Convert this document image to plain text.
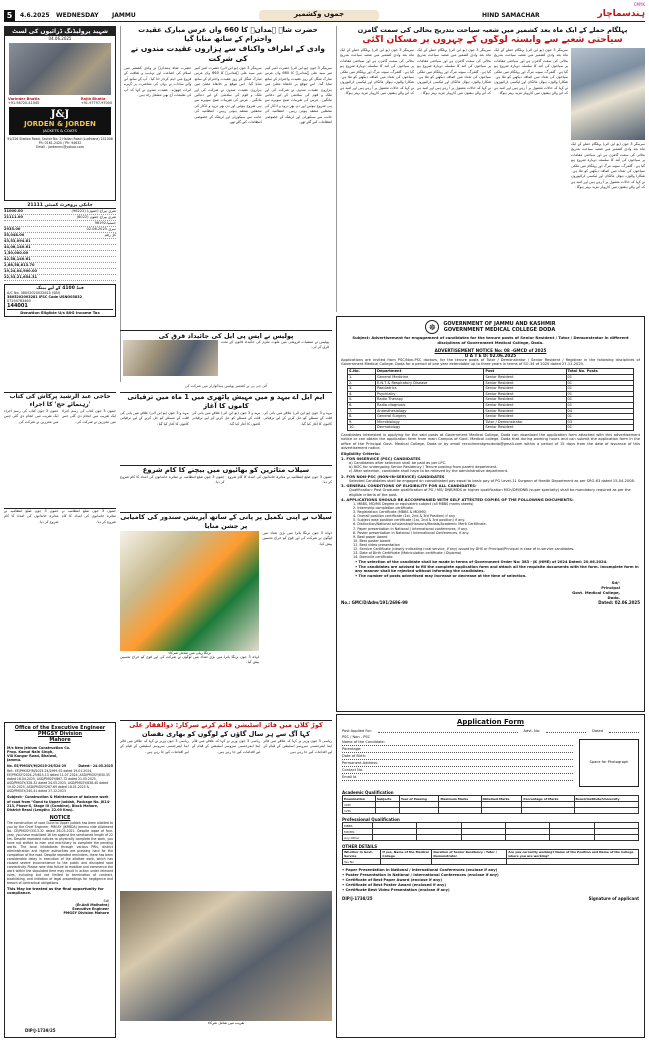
CMYK
5	4.6.2025 WEDNESDAY JAMMU	جموں وکشمیر	HIND SAMACHAR	ہندسماچار
شہید پرولیڈنگ ڈرائیوں کی لسٹ
04.06.2025
Varinder Bhatia
+91-98720-41045
Rajib Bhatia
+91-97797-97000
J&J
JORDEN & JORDEN
JACKETS & COATS
91/226 Station Road, Sector No. 2 Hallan Road (Ludhiana) 141008 Ph: 0161-2420 / Ph: 94632
Email : jordenmc@yahoo.com
جانکی پروفرٹ کمیٹی 21111
31000.00	شری بیراج (جموں) (96222)
21111.00	شری بیراج جموں (8022)
جسنیا-96192
2935.00	سری 02.06.2025
55,048.00	کل رقم
43,53,094.61
44,08,140.61
1,50,000.00
42,58,140.61
2,68,58,613.70
19,24,04,900.00
22,33,21,654.31
فنڈ 4100 کے لیے بینک
A/C No. 38052020032815 (SBI)
3805202003281 IFSC Code USNO03832
07254783460
144001
Donation Eligible U/s 80G Income Tax
حضرت شاہ ہمدانؒ کا 660 واں عرس مبارک عقیدت واحترام کے ساتھ منایا گیا
وادی کے اطراف واکناف سے ہزاروں عقیدت مندوں نے کی شرکت
حضرت شاہ ہمدانؒ نے وادی کشمیر میں اسلام کی اشاعت اور تہذیب و ثقافت کے فروغ میں اہم کردار ادا کیا۔ آپ کے ساتھ آنے والے سادات نے یہاں کی معاشرت پر گہرے اثرات چھوڑے۔ عقیدت مندوں نے کہا کہ آپ کی تعلیمات آج بھی مشعل راہ ہیں۔
سرینگر 3 جون (یو این آئی) حضرت امیر کبیر میر سید علی ہمدانیؒ کا 660 واں عرس مبارک منگل کے روز عقیدت واحترام کے ساتھ منایا گیا۔ اس موقع پر خانقاہ معلیٰ میں ہزاروں عقیدت مندوں نے شرکت کی اور ملک و قوم کی سلامتی کے لیے دعائیں مانگیں۔ عرس کی تقریبات صبح سویرے سے ہی شروع ہوئیں اور دن بھر درود و اذکار کی محفلیں منعقد ہوتی رہیں۔ انتظامیہ کی جانب سے سیکورٹی اور ٹریفک کے خصوصی انتظامات کیے گئے تھے۔
سرینگر 3 جون (یو این آئی) حضرت امیر کبیر میر سید علی ہمدانیؒ کا 660 واں عرس مبارک منگل کے روز عقیدت واحترام کے ساتھ منایا گیا۔ اس موقع پر خانقاہ معلیٰ میں ہزاروں عقیدت مندوں نے شرکت کی اور ملک و قوم کی سلامتی کے لیے دعائیں مانگیں۔ عرس کی تقریبات صبح سویرے سے ہی شروع ہوئیں اور دن بھر درود و اذکار کی محفلیں منعقد ہوتی رہیں۔ انتظامیہ کی جانب سے سیکورٹی اور ٹریفک کے خصوصی انتظامات کیے گئے تھے۔
پہلگام حملے کے ایک ماہ بعد کشمیر میں شعبہ سیاحت بتدریج بحالی کی سمت گامزن
سیاحتی شعبے سے وابستہ لوگوں کے چہروں پر مسکان آگئی
سرینگر 3 جون (یو این آئی) پہلگام حملے کے ایک ماہ بعد وادی کشمیر میں شعبہ سیاحت بتدریج بحالی کی سمت گامزن ہے اور سیاحتی مقامات پر سیاحوں کی آمد کا سلسلہ دوبارہ شروع ہو گیا ہے۔ گلمرگ، سونہ مرگ اور پہلگام میں ملکی سیاحوں کی تعداد میں اضافہ دیکھنے کو ملا ہے۔ شکارا والوں، ہوٹل مالکان اور ٹیکسی ڈرائیوروں نے کہا کہ حالات معمول پر آ رہے ہیں اور امید ہے کہ آنے والے ہفتوں میں کاروبار مزید بہتر ہوگا۔
سرینگر 3 جون (یو این آئی) پہلگام حملے کے ایک ماہ بعد وادی کشمیر میں شعبہ سیاحت بتدریج بحالی کی سمت گامزن ہے اور سیاحتی مقامات پر سیاحوں کی آمد کا سلسلہ دوبارہ شروع ہو گیا ہے۔ گلمرگ، سونہ مرگ اور پہلگام میں ملکی سیاحوں کی تعداد میں اضافہ دیکھنے کو ملا ہے۔ شکارا والوں، ہوٹل مالکان اور ٹیکسی ڈرائیوروں نے کہا کہ حالات معمول پر آ رہے ہیں اور امید ہے کہ آنے والے ہفتوں میں کاروبار مزید بہتر ہوگا۔
سرینگر 3 جون (یو این آئی) پہلگام حملے کے ایک ماہ بعد وادی کشمیر میں شعبہ سیاحت بتدریج بحالی کی سمت گامزن ہے اور سیاحتی مقامات پر سیاحوں کی آمد کا سلسلہ دوبارہ شروع ہو گیا ہے۔ گلمرگ، سونہ مرگ اور پہلگام میں ملکی سیاحوں کی تعداد میں اضافہ دیکھنے کو ملا ہے۔ شکارا والوں، ہوٹل مالکان اور ٹیکسی ڈرائیوروں نے کہا کہ حالات معمول پر آ رہے ہیں اور امید ہے کہ آنے والے ہفتوں میں کاروبار مزید بہتر ہوگا۔
سرینگر 3 جون (یو این آئی) پہلگام حملے کے ایک ماہ بعد وادی کشمیر میں شعبہ سیاحت بتدریج بحالی کی سمت گامزن ہے اور سیاحتی مقامات پر سیاحوں کی آمد کا سلسلہ دوبارہ شروع ہو گیا ہے۔ گلمرگ، سونہ مرگ اور پہلگام میں ملکی سیاحوں کی تعداد میں اضافہ دیکھنے کو ملا ہے۔ شکارا والوں، ہوٹل مالکان اور ٹیکسی ڈرائیوروں نے کہا کہ حالات معمول پر آ رہے ہیں اور امید ہے کہ آنے والے ہفتوں میں کاروبار مزید بہتر ہوگا۔
پولیس نے ایس پی ایل کی جائیداد قرق کی
پولیس نے منشیات فروشی میں ملوث ملزم کی جائیداد قانون کے تحت قرق کر لی۔
آئی جی پی نے کشمیر پولیس ہیڈکوارٹر میں شرکت کی
ایم ایل اے بیہد و میں مہیش پاٹھری میں 1 ماہ میں ترقیاتی کاموں کا آغاز
بیہد و 3 جون (یو این آئی) علاقے میں پانی کی قلت کے مسئلے کو حل کرنے کے لیے ترقیاتی کاموں کا آغاز کیا گیا۔
بیہد و 3 جون (یو این آئی) علاقے میں پانی کی قلت کے مسئلے کو حل کرنے کے لیے ترقیاتی کاموں کا آغاز کیا گیا۔
بیہد و 3 جون (یو این آئی) علاقے میں پانی کی قلت کے مسئلے کو حل کرنے کے لیے ترقیاتی کاموں کا آغاز کیا گیا۔
حاجی عبد الرشید پرکاش کی کتاب 'رہنمائے حج' کا اجراء
جموں 3 جون کتاب کی رسم اجراء ایک تقریب میں انجام دی گئی جس میں معززین نے شرکت کی۔
جموں 3 جون کتاب کی رسم اجراء ایک تقریب میں انجام دی گئی جس میں معززین نے شرکت کی۔
سیلاب متاثرین کو بھائیوں میں بیچنے کا کام شروع
جموں 3 جون ضلع انتظامیہ نے متاثرہ خاندانوں کی امداد کا کام شروع کر دیا۔
جموں 3 جون ضلع انتظامیہ نے متاثرہ خاندانوں کی امداد کا کام شروع کر دیا۔
سیلاب نے اپنی تکمیل پر پانی کے ساتھ آپریشن سندور کی کامیابی پر جشن منایا
ترنگا ریلی میں شامل شرکاء
ڈوڈہ 3 جون ترنگا یاترا میں بڑی تعداد میں لوگوں نے شرکت کی اور فوج کو خراج تحسین پیش کیا۔
ڈوڈہ 3 جون ترنگا یاترا میں بڑی تعداد میں لوگوں نے شرکت کی اور فوج کو خراج تحسین پیش کیا۔
جموں 3 جون ضلع انتظامیہ نے متاثرہ خاندانوں کی امداد کا کام شروع کر دیا۔
جموں 3 جون ضلع انتظامیہ نے متاثرہ خاندانوں کی امداد کا کام شروع کر دیا۔
کوڑ کلاں میں فائر اسٹیشن قائم کرنے سرکار: ذوالفقار علی
کہا آگ سے ہر سال گاؤں کے لوگوں کو بھاری نقصان
ریاسی 3 جون وزیر نے کہا کہ علاقے میں فائر اینڈ ایمرجنسی سروسز اسٹیشن کے قیام کے لیے اقدامات کیے جا رہے ہیں۔
ریاسی 3 جون وزیر نے کہا کہ علاقے میں فائر اینڈ ایمرجنسی سروسز اسٹیشن کے قیام کے لیے اقدامات کیے جا رہے ہیں۔
ریاسی 3 جون وزیر نے کہا کہ علاقے میں فائر اینڈ ایمرجنسی سروسز اسٹیشن کے قیام کے لیے اقدامات کیے جا رہے ہیں۔
تقریب میں شامل شرکاء
Office of the Executive Engineer PMGSY Division
Mahore
M/s New Jehlum Construction Co.
Prop. Kamal Nain Singh,
Vill Kangar Road, Bhalwal,
Jammu.
No. EE/PMGSY/M/2025-26/524-29	Dated:- 24.05.2025
Ref:- EE/PMGSY/M/2023-24/2999-92 dated 19-01-2024, EE/PMGSY/2024-25/615-13 dated 11-07-2024, ASD/PMGSY/630-35 dated 16-04-2025, ASD/PMGSY/867-72 dated 21.05.2025, ASD/PMGSY/328-32 dated 24.05.2025, ASD/PMGSY/838-40 dated 19.02.2025, ASD/PMGSY/267-69 dated 18.01.2025 & ASD/PMGSY/240-41 dated 27.12.2023
Subject:- Construction & Maintenance of balance work of road from "Gund to Upper Juddah, Package No. JK14-213, Phase-X, Stage III (Combine), Block Mahore, District Reasi (Length= 22.00 Kms).
NOTICE
The construction of road Gund to Upper Juddah has been allotted to you by the Chief Engineer, PMGSY (JKRRDA) Jammu vide Allotment No. CE/PMGSY/3313-32 dated 28-03-2021. Despite lapse of four-year, you have mobilized 16 km against the sanctioned length of 22 km. Despite repeated notices to physically complete the work, you have not shifted to men and machinery to complete the pending works. The local inhabitants through various PRIs, district administration and higher authorities are pressing hard for the completion of the road. Despite repeated reminders, there has been considerable delay in execution of the allotted work, which has caused severe inconvenience to the public and disrupted road connectivity. Please note that failure to mobilize and commence the work within the stipulated time may result in action under relevant rules, including but not limited to termination of contract, blacklisting, and initiation of legal proceedings for negligence and breach of contractual obligations.
This May be treated as the final opportunity for compliance.
Sd/
(Er.Anil Malhotra)
Executive Engineer
PMGSY Division Mahore
DIP/J-1739/25
☸	GOVERNMENT OF JAMMU AND KASHMIR
GOVERNMENT MEDICAL COLLEGE DODA
Subject: Advertisement for engagement of candidates for the tenure posts of Senior Resident / Tutor / Demonstrator in different disciplines of Government Medical College, Doda.
ADVERTISEMENT NOTICE No: 08 -GMCD of 2025
D A T E D: 02.06.2025
Applications are invited from PSC/Non-PSC doctors, for the tenure posts of Tutor / Demonstrator / Senior Resident / Registrar in the following disciplines of Government Medical College, Doda for a period of one year extendable up to three years in terms of SO-34 of 2020 dated 27-11-2020.
S.No.	Department	Post	Total No. Posts
1.	General Medicine	Senior Resident	01
2.	E.N.T & Respiratory Disease	Senior Resident	01
3.	Paediatrics	Senior Resident	01
4.	Psychiatry	Senior Resident	01
5.	Radio Therapy	Senior Resident	01
6.	Radio-diagnosis	Senior Resident	01
7.	Anaesthesiology	Senior Resident	04
8.	General Surgery	Senior Resident	01
9.	Microbiology	Tutor / Demonstrator	03
10.	Dermatology	Senior Resident	01
Candidates interested in applying for the said posts at Government Medical College, Doda can download the application form attached with this advertisement notice or can obtain the application form from main Campus of Govt. Medical college, Doda that during working hours and can submit the application form in the office of the Principal Govt. Medical College, Doda or by email recruitmentgmcdoda@gmail.com within a period of 15 days from the date of issuance of this advertisement notice.
Eligibility Criteria:
1. FOR INSERVICE (PSC) CANDIDATES
a) Candidates after selection shall be paid as per LPC.
b) NOC for undergoing Senior Residency / Tenure posting from parent department.
c) After selection, candidate shall have to be relieved by the administrative department.
2. FOR NON-PSC (NON-IN-SERVICE) CANDIDATES
Selected Candidates shall be engaged on consolidated pay equal to basic pay of PG Level-11 Surgeon of Health Department as per SRO-63 dated 15-04-2008.
3. GENERAL CONDITIONS OF ELIGIBILITY FOR ALL CANDIDATES:
Qualification: Post Graduate qualification of PG / MS/ DNB/MDS or higher qualification MCh/DM/DNB (super specialty) shall be mandatory required as per the eligible criteria of the post.
4. APPLICATIONS SHOULD BE ACCOMPANIED WITH SELF ATTESTED COPIES OF THE FOLLOWING DOCUMENTS:
1. MBBS, MD/MS Degree or equivalent subject (all MBBS marks sheets)
2. Internship completion certificate.
3. Registration Certificate (MBBS & MD/MS)
4. Overall position certificate (1st, 2nd & 3rd Position) if any.
5. Subject wise position certificate (1st, 2nd & 3rd position) if any.
6. Distinction/National scholarship/Honours/Medals/Academic Merit Certificate.
7. Paper presentation in National / International conferences, if any.
8. Poster presentation in National / International Conferences, if any.
9. Best paper Award
10. Best poster award
11. Best video presentation
12. Service Certificate (clearly indicating rural service, if any) issued by DHS or Principal/Principal in case of in-service candidates.
13. Date of Birth Certificate (Matriculation certificate / Diploma)
14. Domicile certificate.
• The selection of the candidate shall be made in terms of Government Order No: 383 - JK (HME) of 2024 Dated: 20.06.2024.
• The candidates are advised to fill the complete application form and attach all the requisite documents with the form. Incomplete form in any manner shall be rejected without informing the candidates.
• The number of posts advertised may increase or decrease at the time of selection.
Sd/-
Principal
Govt. Medical College,
Doda.
No.: GMC/D/Adm/191/2696-99	Dated: 02.06.2025
Application Form
Post Applied For:	Advt. No:	Dated
PSC / Non - PSC
Name of the Candidate:
Parentage:
Date of Birth:
Permanent Address:
Contact No.
Email Id
Space for Photograph
Academic Qualification
Examination	Subjects	Year of Passing	Maximum Marks	Obtained Marks	Percentage of Marks	Board/Institute/University
10th						
12th						
Professional Qualification
MBBS						
MD/MS						
Any Other						
OTHER DETAILS
Whether in Govt. Service	If yes, Name of the Medical College	Duration of Senior Residency / Tutor / Demonstrator	Are you currently working? Name of the Position and Name of the College where you are working?
Yes No			
• Paper Presentation in National / International Conferences (enclose if any)
• Poster Presentation in National / International Conferences (enclose if any)
• Certificate of Best Paper Award (enclose if any)
• Certificate of Best Poster Award (enclosed if any)
• Certificate Best Video Presentation (enclose if any)
DIP/J-1738/25	Signature of applicant
